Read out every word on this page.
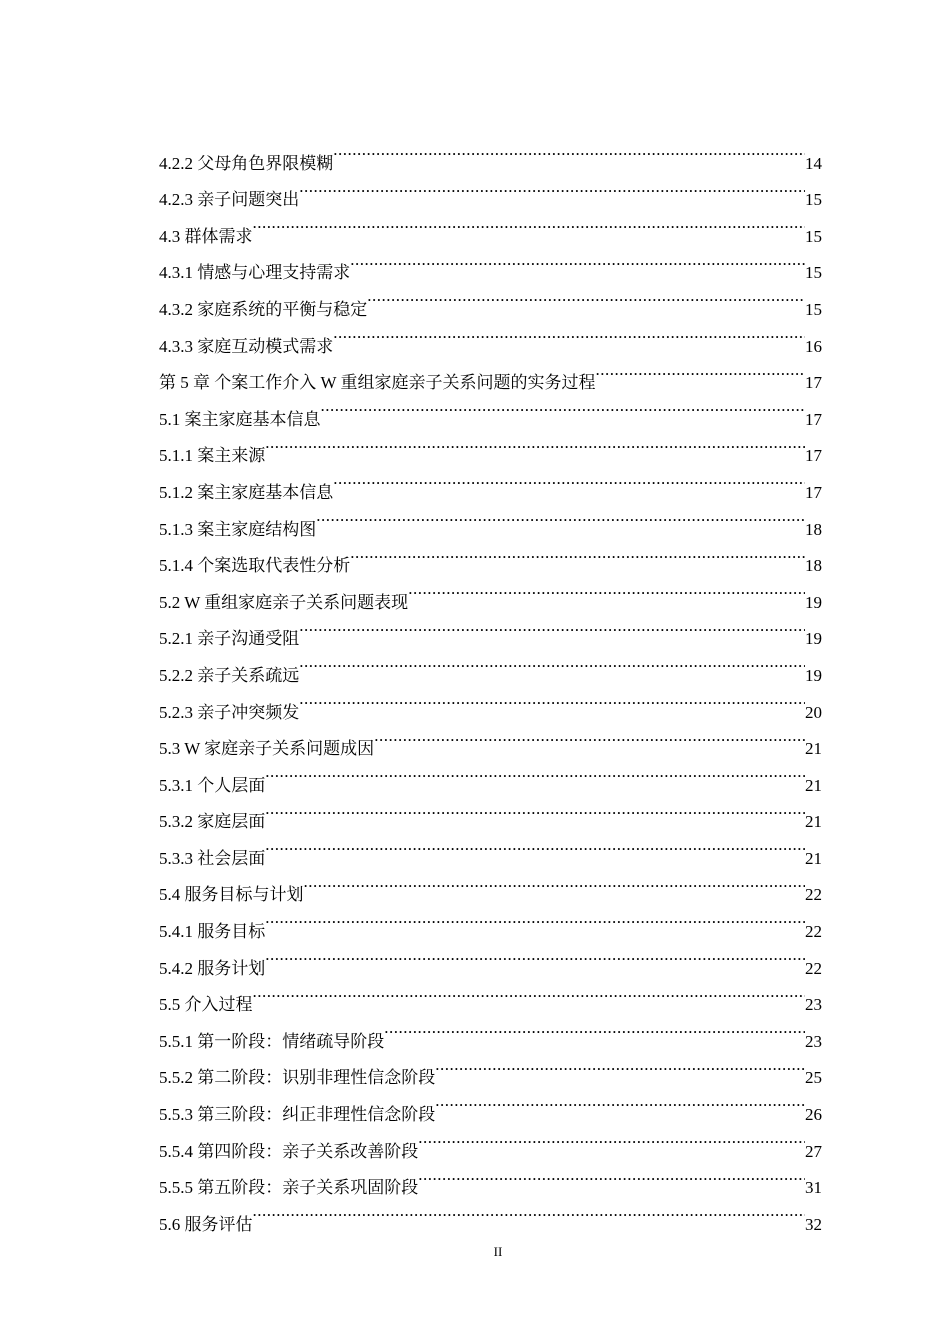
4.2.2 父母角色界限模糊 .....	14
4.2.3 亲子问题突出 .....	15
4.3 群体需求 .....	15
4.3.1 情感与心理支持需求 .....	15
4.3.2 家庭系统的平衡与稳定 .....	15
4.3.3 家庭互动模式需求 .....	16
第 5 章 个案工作介入 W 重组家庭亲子关系问题的实务过程 .....	17
5.1 案主家庭基本信息 .....	17
5.1.1 案主来源 .....	17
5.1.2 案主家庭基本信息 .....	17
5.1.3 案主家庭结构图 .....	18
5.1.4 个案选取代表性分析 .....	18
5.2 W 重组家庭亲子关系问题表现 .....	19
5.2.1 亲子沟通受阻 .....	19
5.2.2 亲子关系疏远 .....	19
5.2.3 亲子冲突频发 .....	20
5.3 W 家庭亲子关系问题成因 .....	21
5.3.1 个人层面 .....	21
5.3.2 家庭层面 .....	21
5.3.3 社会层面 .....	21
5.4 服务目标与计划 .....	22
5.4.1 服务目标 .....	22
5.4.2 服务计划 .....	22
5.5 介入过程 .....	23
5.5.1 第一阶段：情绪疏导阶段 .....	23
5.5.2 第二阶段：识别非理性信念阶段 .....	25
5.5.3 第三阶段：纠正非理性信念阶段 .....	26
5.5.4 第四阶段：亲子关系改善阶段 .....	27
5.5.5 第五阶段：亲子关系巩固阶段 .....	31
5.6 服务评估 .....	32
II
